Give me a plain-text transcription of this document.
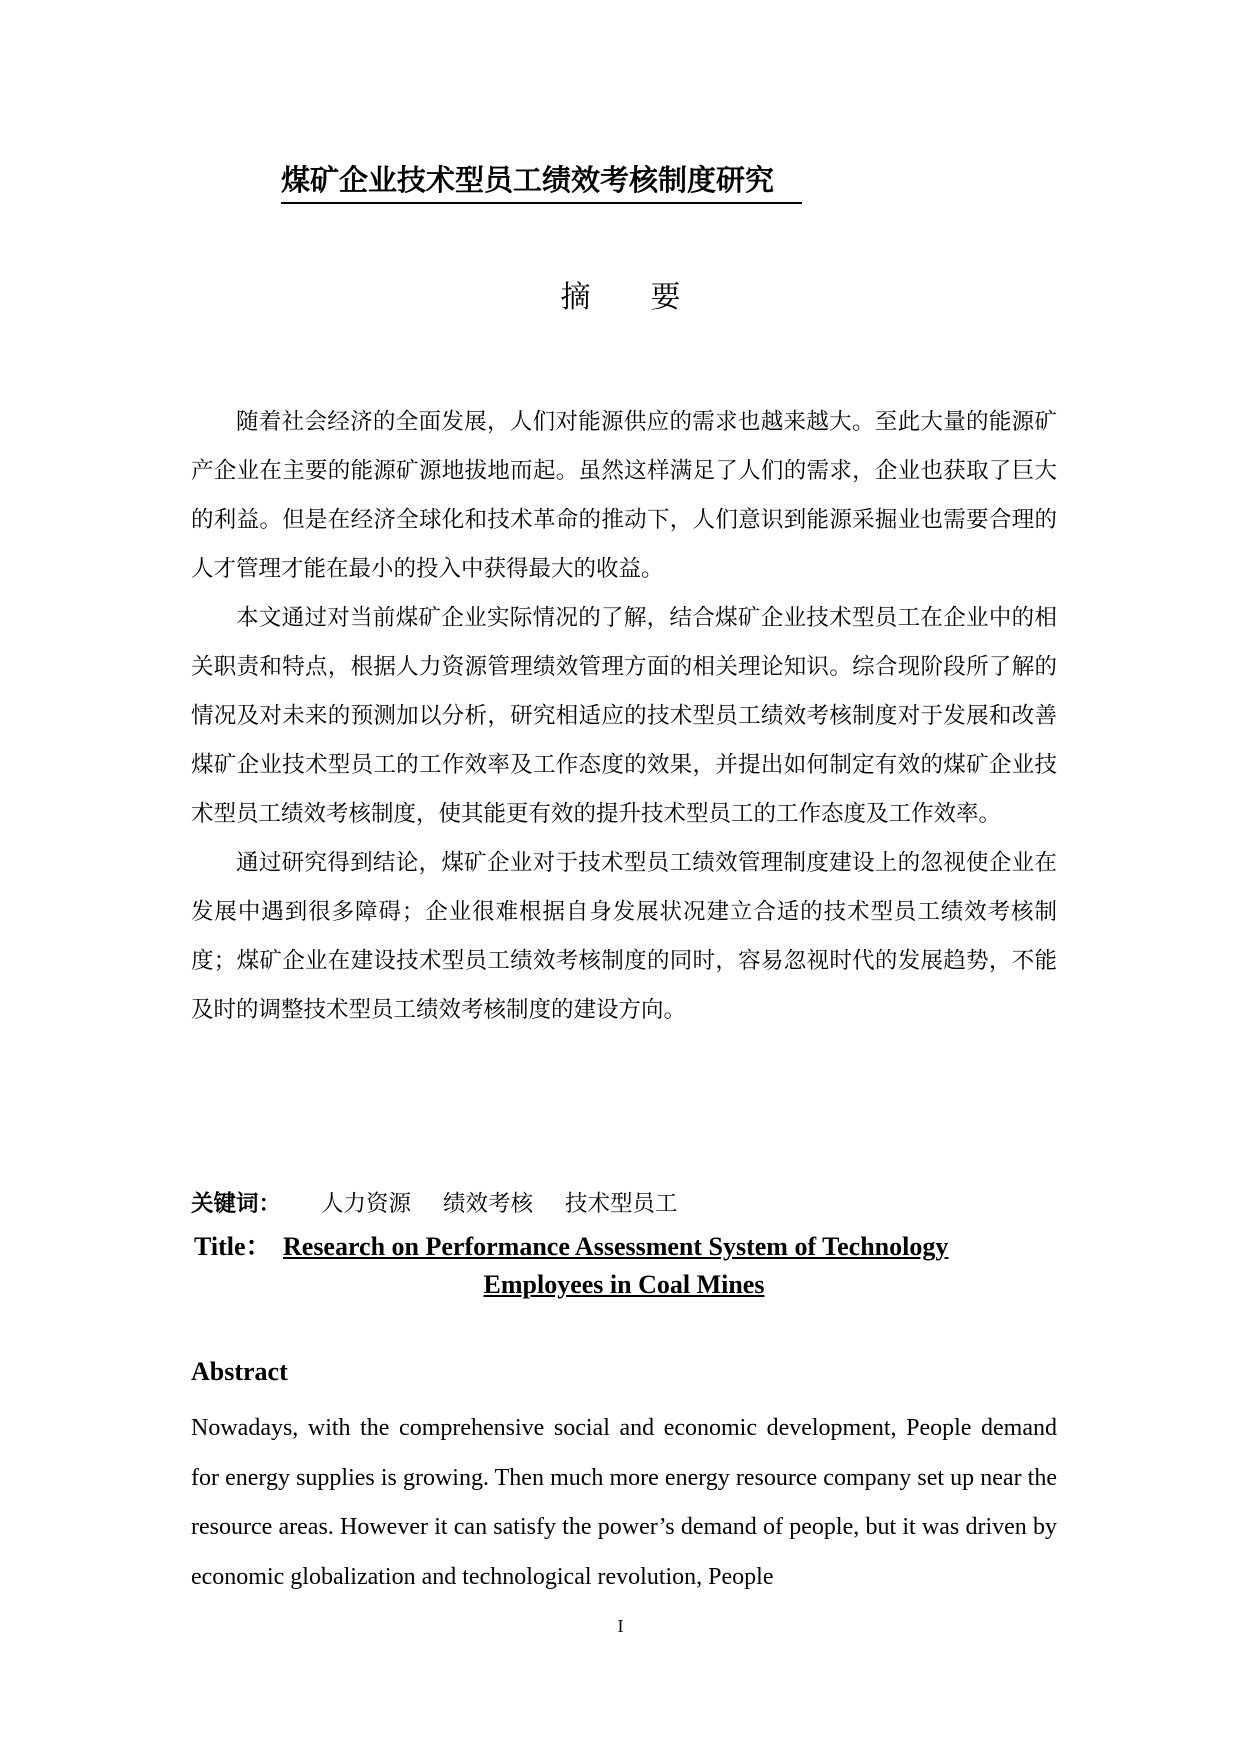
煤矿企业技术型员工绩效考核制度研究
摘要

随着社会经济的全面发展，人们对能源供应的需求也越来越大。至此大量的能源矿产企业在主要的能源矿源地拔地而起。虽然这样满足了人们的需求，企业也获取了巨大的利益。但是在经济全球化和技术革命的推动下，人们意识到能源采掘业也需要合理的人才管理才能在最小的投入中获得最大的收益。

本文通过对当前煤矿企业实际情况的了解，结合煤矿企业技术型员工在企业中的相关职责和特点，根据人力资源管理绩效管理方面的相关理论知识。综合现阶段所了解的情况及对未来的预测加以分析，研究相适应的技术型员工绩效考核制度对于发展和改善煤矿企业技术型员工的工作效率及工作态度的效果，并提出如何制定有效的煤矿企业技术型员工绩效考核制度，使其能更有效的提升技术型员工的工作态度及工作效率。

通过研究得到结论，煤矿企业对于技术型员工绩效管理制度建设上的忽视使企业在发展中遇到很多障碍；企业很难根据自身发展状况建立合适的技术型员工绩效考核制度；煤矿企业在建设技术型员工绩效考核制度的同时，容易忽视时代的发展趋势，不能及时的调整技术型员工绩效考核制度的建设方向。

关键词： 人力资源 绩效考核 技术型员工
Title： Research on Performance Assessment System of Technology
Employees in Coal Mines
Abstract

Nowadays, with the comprehensive social and economic development, People demand for energy supplies is growing. Then much more energy resource company set up near the resource areas. However it can satisfy the power’s demand of people, but it was driven by economic globalization and technological revolution, People

I
